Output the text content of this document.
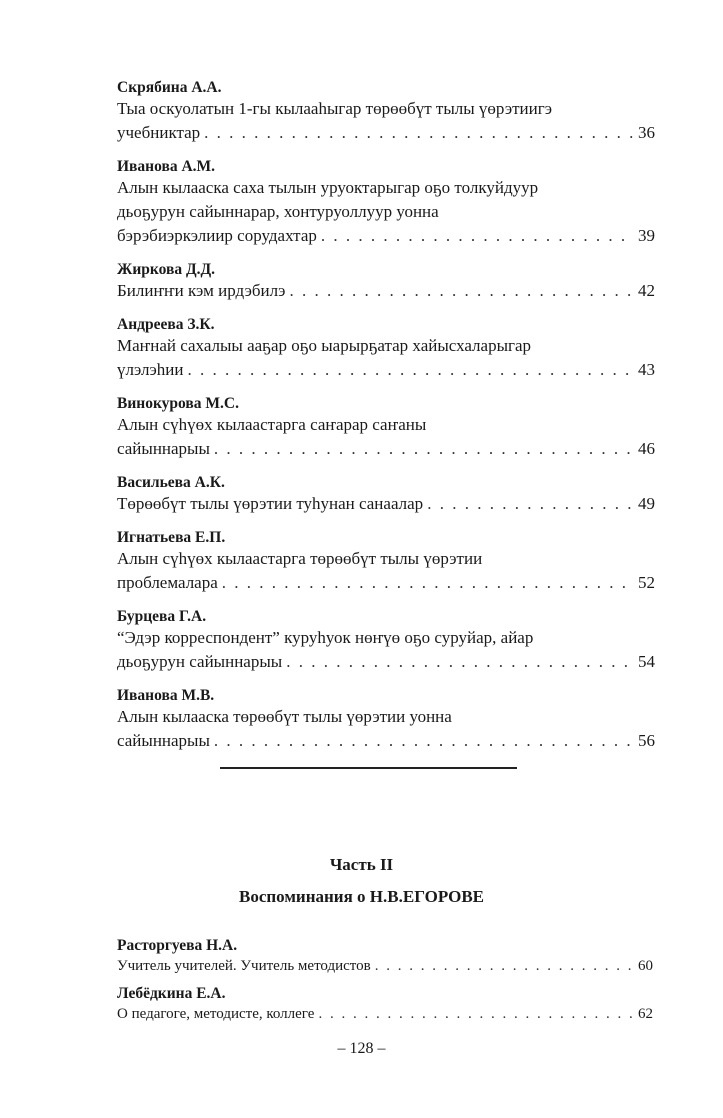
Скрябина А.А.
Тыа оскуолатын 1-гы кылааһыгар төрөөбүт тылы үөрэтиигэ
учебниктар . . .	36
Иванова А.М.
Алын кылааска саха тылын уруоктарыгар оҕо толкуйдуур
дьоҕурун сайыннарар, хонтуруоллуур уонна
бэрэбиэркэлиир сорудахтар . . .	39
Жиркова Д.Д.
Билиҥҥи кэм ирдэбилэ . . .	42
Андреева З.К.
Маҥнай сахалыы ааҕар оҕо ыарырҕатар хайысхаларыгар
үлэлэһии . . .	43
Винокурова М.С.
Алын сүһүөх кылаастарга саҥарар саҥаны
сайыннарыы . . .	46
Васильева А.К.
Төрөөбүт тылы үөрэтии туһунан санаалар . . .	49
Игнатьева Е.П.
Алын сүһүөх кылаастарга төрөөбүт тылы үөрэтии
проблемалара . . .	52
Бурцева Г.А.
“Эдэр корреспондент” куруһуок нөҥүө оҕо суруйар, айар
дьоҕурун сайыннарыы . . .	54
Иванова М.В.
Алын кылааска төрөөбүт тылы үөрэтии уонна
сайыннарыы . . .	56
Часть II
Воспоминания о Н.В.ЕГОРОВЕ
Расторгуева Н.А.
Учитель учителей. Учитель методистов . . .	60
Лебёдкина Е.А.
О педагоге, методисте, коллеге . . .	62
– 128 –
